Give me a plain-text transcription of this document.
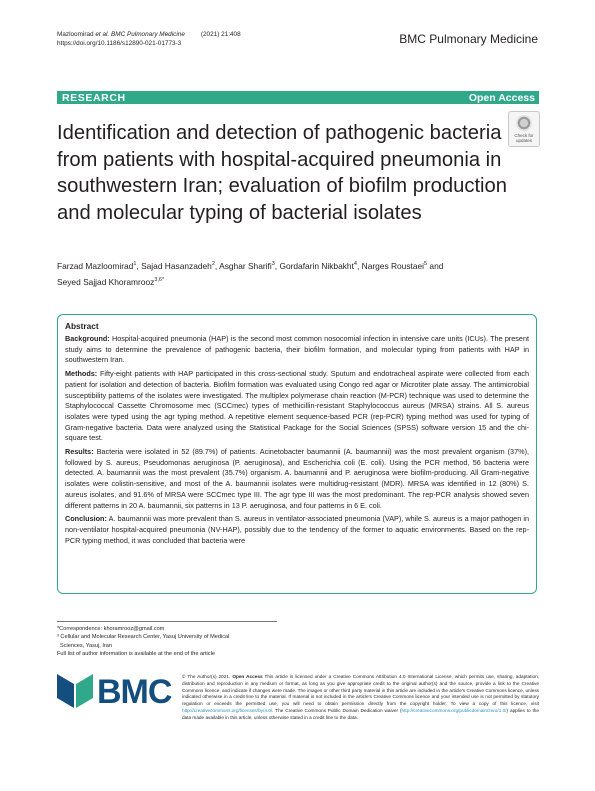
Mazloomirad et al. BMC Pulmonary Medicine (2021) 21:408
https://doi.org/10.1186/s12890-021-01773-3	BMC Pulmonary Medicine
RESEARCH	Open Access
Identification and detection of pathogenic bacteria from patients with hospital-acquired pneumonia in southwestern Iran; evaluation of biofilm production and molecular typing of bacterial isolates
Check for updates
Farzad Mazloomirad$^1$, Sajad Hasanzadeh$^2$, Asghar Sharifi$^3$, Gordafarin Nikbakht$^4$, Narges Roustaei$^5$ and
Seyed Sajjad Khoramrooz$^{3,6*}$
Abstract

Background: Hospital-acquired pneumonia (HAP) is the second most common nosocomial infection in intensive care units (ICUs). The present study aims to determine the prevalence of pathogenic bacteria, their biofilm formation, and molecular typing from patients with HAP in southwestern Iran.

Methods: Fifty-eight patients with HAP participated in this cross-sectional study. Sputum and endotracheal aspirate were collected from each patient for isolation and detection of bacteria. Biofilm formation was evaluated using Congo red agar or Microtiter plate assay. The antimicrobial susceptibility patterns of the isolates were investigated. The multiplex polymerase chain reaction (M-PCR) technique was used to determine the Staphylococcal Cassette Chromosome mec (SCCmec) types of methicillin-resistant Staphylococcus aureus (MRSA) strains. All S. aureus isolates were typed using the agr typing method. A repetitive element sequence-based PCR (rep-PCR) typing method was used for typing of Gram-negative bacteria. Data were analyzed using the Statistical Package for the Social Sciences (SPSS) software version 15 and the chi-square test.

Results: Bacteria were isolated in 52 (89.7%) of patients. Acinetobacter baumannii (A. baumannii) was the most prevalent organism (37%), followed by S. aureus, Pseudomonas aeruginosa (P. aeruginosa), and Escherichia coli (E. coli). Using the PCR method, 56 bacteria were detected. A. baumannii was the most prevalent (35.7%) organism. A. baumannii and P. aeruginosa were biofilm-producing. All Gram-negative isolates were colistin-sensitive, and most of the A. baumannii isolates were multidrug-resistant (MDR). MRSA was identified in 12 (80%) S. aureus isolates, and 91.6% of MRSA were SCCmec type III. The agr type III was the most predominant. The rep-PCR analysis showed seven different patterns in 20 A. baumannii, six patterns in 13 P. aeruginosa, and four patterns in 6 E. coli.

Conclusion: A. baumannii was more prevalent than S. aureus in ventilator-associated pneumonia (VAP), while S. aureus is a major pathogen in non-ventilator hospital-acquired pneumonia (NV-HAP), possibly due to the tendency of the former to aquatic environments. Based on the rep-PCR typing method, it was concluded that bacteria were

*Correspondence: khoramrooz@gmail.com
³ Cellular and Molecular Research Center, Yasuj University of Medical
Sciences, Yasuj, Iran
Full list of author information is available at the end of the article
BMC © The Author(s) 2021. Open Access This article is licensed under a Creative Commons Attribution 4.0 International License, which permits use, sharing, adaptation, distribution and reproduction in any medium or format, as long as you give appropriate credit to the original author(s) and the source, provide a link to the Creative Commons licence, and indicate if changes were made. The images or other third party material in this article are included in the article's Creative Commons licence, unless indicated otherwise in a credit line to the material. If material is not included in the article's Creative Commons licence and your intended use is not permitted by statutory regulation or exceeds the permitted use, you will need to obtain permission directly from the copyright holder. To view a copy of this licence, visit http://creativecommons.org/licenses/by/4.0/. The Creative Commons Public Domain Dedication waiver (http://creativecommons.org/publicdomain/zero/1.0/) applies to the data made available in this article, unless otherwise stated in a credit line to the data.
